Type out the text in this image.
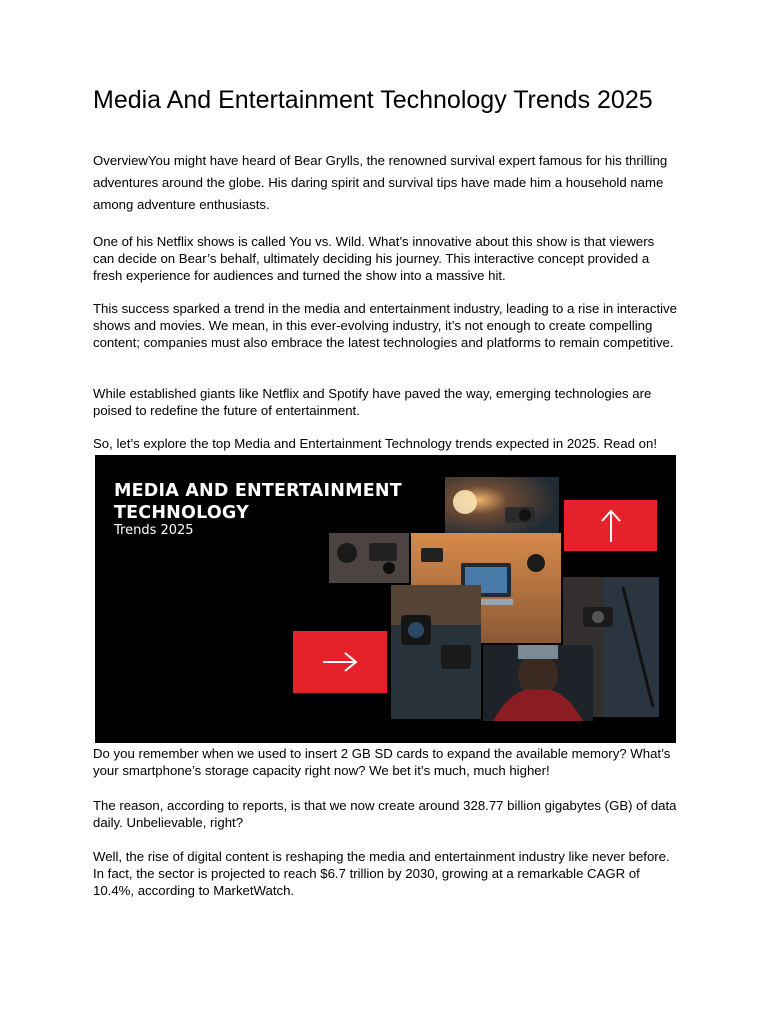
Media And Entertainment Technology Trends 2025

OverviewYou might have heard of Bear Grylls, the renowned survival expert famous for his thrilling adventures around the globe. His daring spirit and survival tips have made him a household name among adventure enthusiasts.

One of his Netflix shows is called You vs. Wild. What’s innovative about this show is that viewers can decide on Bear’s behalf, ultimately deciding his journey. This interactive concept provided a fresh experience for audiences and turned the show into a massive hit.

This success sparked a trend in the media and entertainment industry, leading to a rise in interactive shows and movies. We mean, in this ever-evolving industry, it’s not enough to create compelling content; companies must also embrace the latest technologies and platforms to remain competitive.

While established giants like Netflix and Spotify have paved the way, emerging technologies are poised to redefine the future of entertainment.

So, let’s explore the top Media and Entertainment Technology trends expected in 2025. Read on!

Do you remember when we used to insert 2 GB SD cards to expand the available memory? What’s your smartphone’s storage capacity right now? We bet it’s much, much higher!

The reason, according to reports, is that we now create around 328.77 billion gigabytes (GB) of data daily. Unbelievable, right?

Well, the rise of digital content is reshaping the media and entertainment industry like never before. In fact, the sector is projected to reach $6.7 trillion by 2030, growing at a remarkable CAGR of 10.4%, according to MarketWatch.

MEDIA AND ENTERTAINMENT TECHNOLOGY
Trends 2025
